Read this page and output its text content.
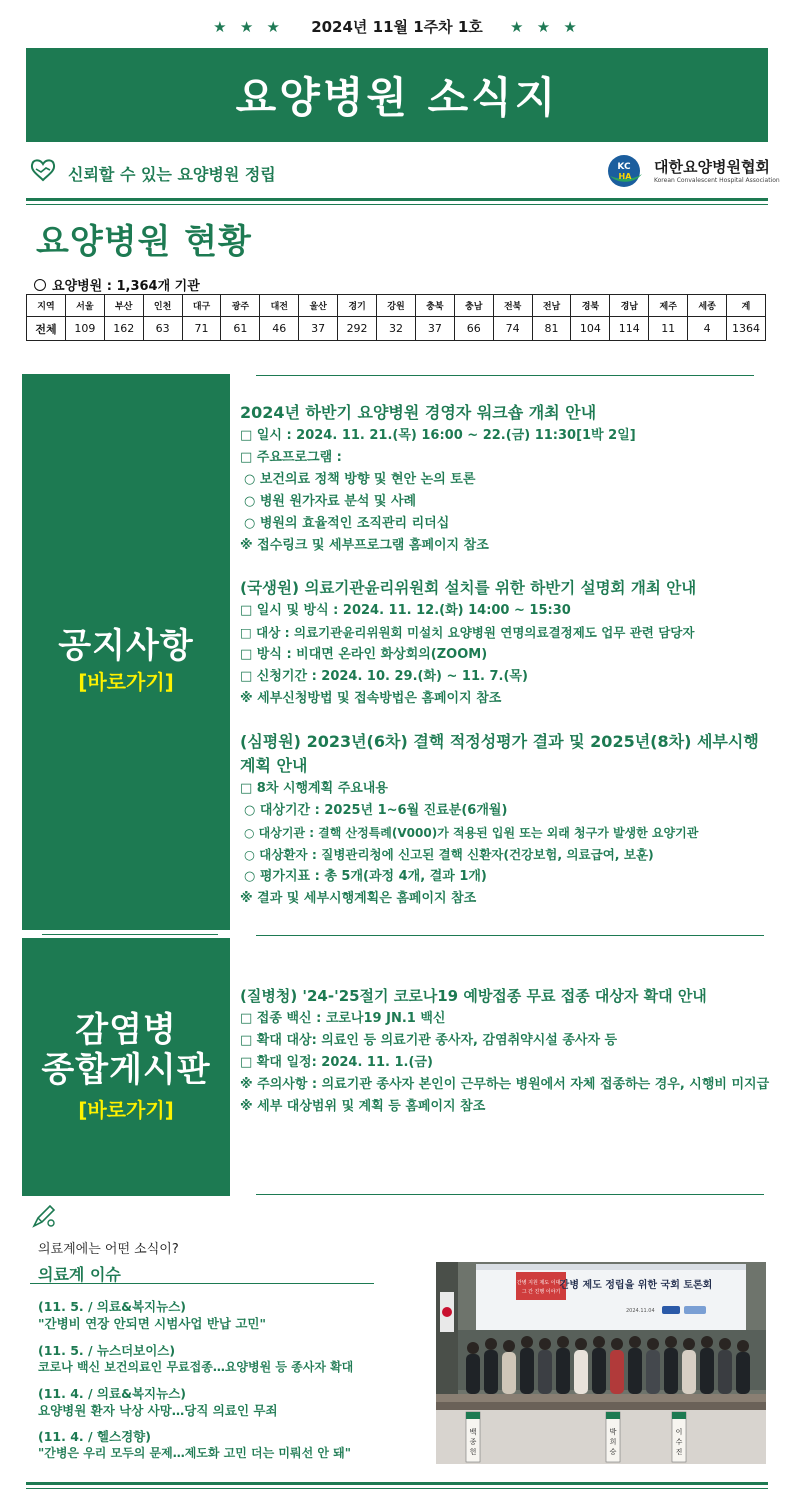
★ ★ ★ 2024년 11월 1주차 1호 ★ ★ ★
요양병원 소식지
신뢰할 수 있는 요양병원 정립	KC
HA
대한요양병원협회
Korean Convalescent Hospital Association
요양병원 현황
요양병원 : 1,364개 기관
지역	서울	부산	인천	대구	광주	대전	울산	경기	강원	충북	충남	전북	전남	경북	경남	제주	세종	계
전체	109	162	63	71	61	46	37	292	32	37	66	74	81	104	114	11	4	1364
공지사항
[바로가기]
감염병
종합게시판
[바로가기]
2024년 하반기 요양병원 경영자 워크숍 개최 안내
□ 일시 : 2024. 11. 21.(목) 16:00 ~ 22.(금) 11:30[1박 2일]
□ 주요프로그램 :
○ 보건의료 정책 방향 및 현안 논의 토론
○ 병원 원가자료 분석 및 사례
○ 병원의 효율적인 조직관리 리더십
※ 접수링크 및 세부프로그램 홈페이지 참조
(국생원) 의료기관윤리위원회 설치를 위한 하반기 설명회 개최 안내
□ 일시 및 방식 : 2024. 11. 12.(화) 14:00 ~ 15:30
□ 대상 : 의료기관윤리위원회 미설치 요양병원 연명의료결정제도 업무 관련 담당자
□ 방식 : 비대면 온라인 화상회의(ZOOM)
□ 신청기간 : 2024. 10. 29.(화) ~ 11. 7.(목)
※ 세부신청방법 및 접속방법은 홈페이지 참조
(심평원) 2023년(6차) 결핵 적정성평가 결과 및 2025년(8차) 세부시행계획 안내
□ 8차 시행계획 주요내용
○ 대상기간 : 2025년 1~6월 진료분(6개월)
○ 대상기관 : 결핵 산정특례(V000)가 적용된 입원 또는 외래 청구가 발생한 요양기관
○ 대상환자 : 질병관리청에 신고된 결핵 신환자(건강보험, 의료급여, 보훈)
○ 평가지표 : 총 5개(과정 4개, 결과 1개)
※ 결과 및 세부시행계획은 홈페이지 참조
(질병청) '24-'25절기 코로나19 예방접종 무료 접종 대상자 확대 안내
□ 접종 백신 : 코로나19 JN.1 백신
□ 확대 대상: 의료인 등 의료기관 종사자, 감염취약시설 종사자 등
□ 확대 일정: 2024. 11. 1.(금)
※ 주의사항 : 의료기관 종사자 본인이 근무하는 병원에서 자체 접종하는 경우, 시행비 미지급
※ 세부 대상범위 및 계획 등 홈페이지 참조
의료계에는 어떤 소식이?
의료계 이슈
(11. 5. / 의료&복지뉴스)
"간병비 연장 안되면 시범사업 반납 고민"
(11. 5. / 뉴스더보이스)
코로나 백신 보건의료인 무료접종…요양병원 등 종사자 확대
(11. 4. / 의료&복지뉴스)
요양병원 환자 낙상 사망…당직 의료인 무죄
(11. 4. / 헬스경향)
"간병은 우리 모두의 문제…제도화 고민 더는 미뤄선 안 돼"
간병 지원 제도 이대로
그 간 진행 이야기
간병 제도 정립을 위한 국회 토론회
2024.11.04
백
종
헌
박
희
승
이
수
진
